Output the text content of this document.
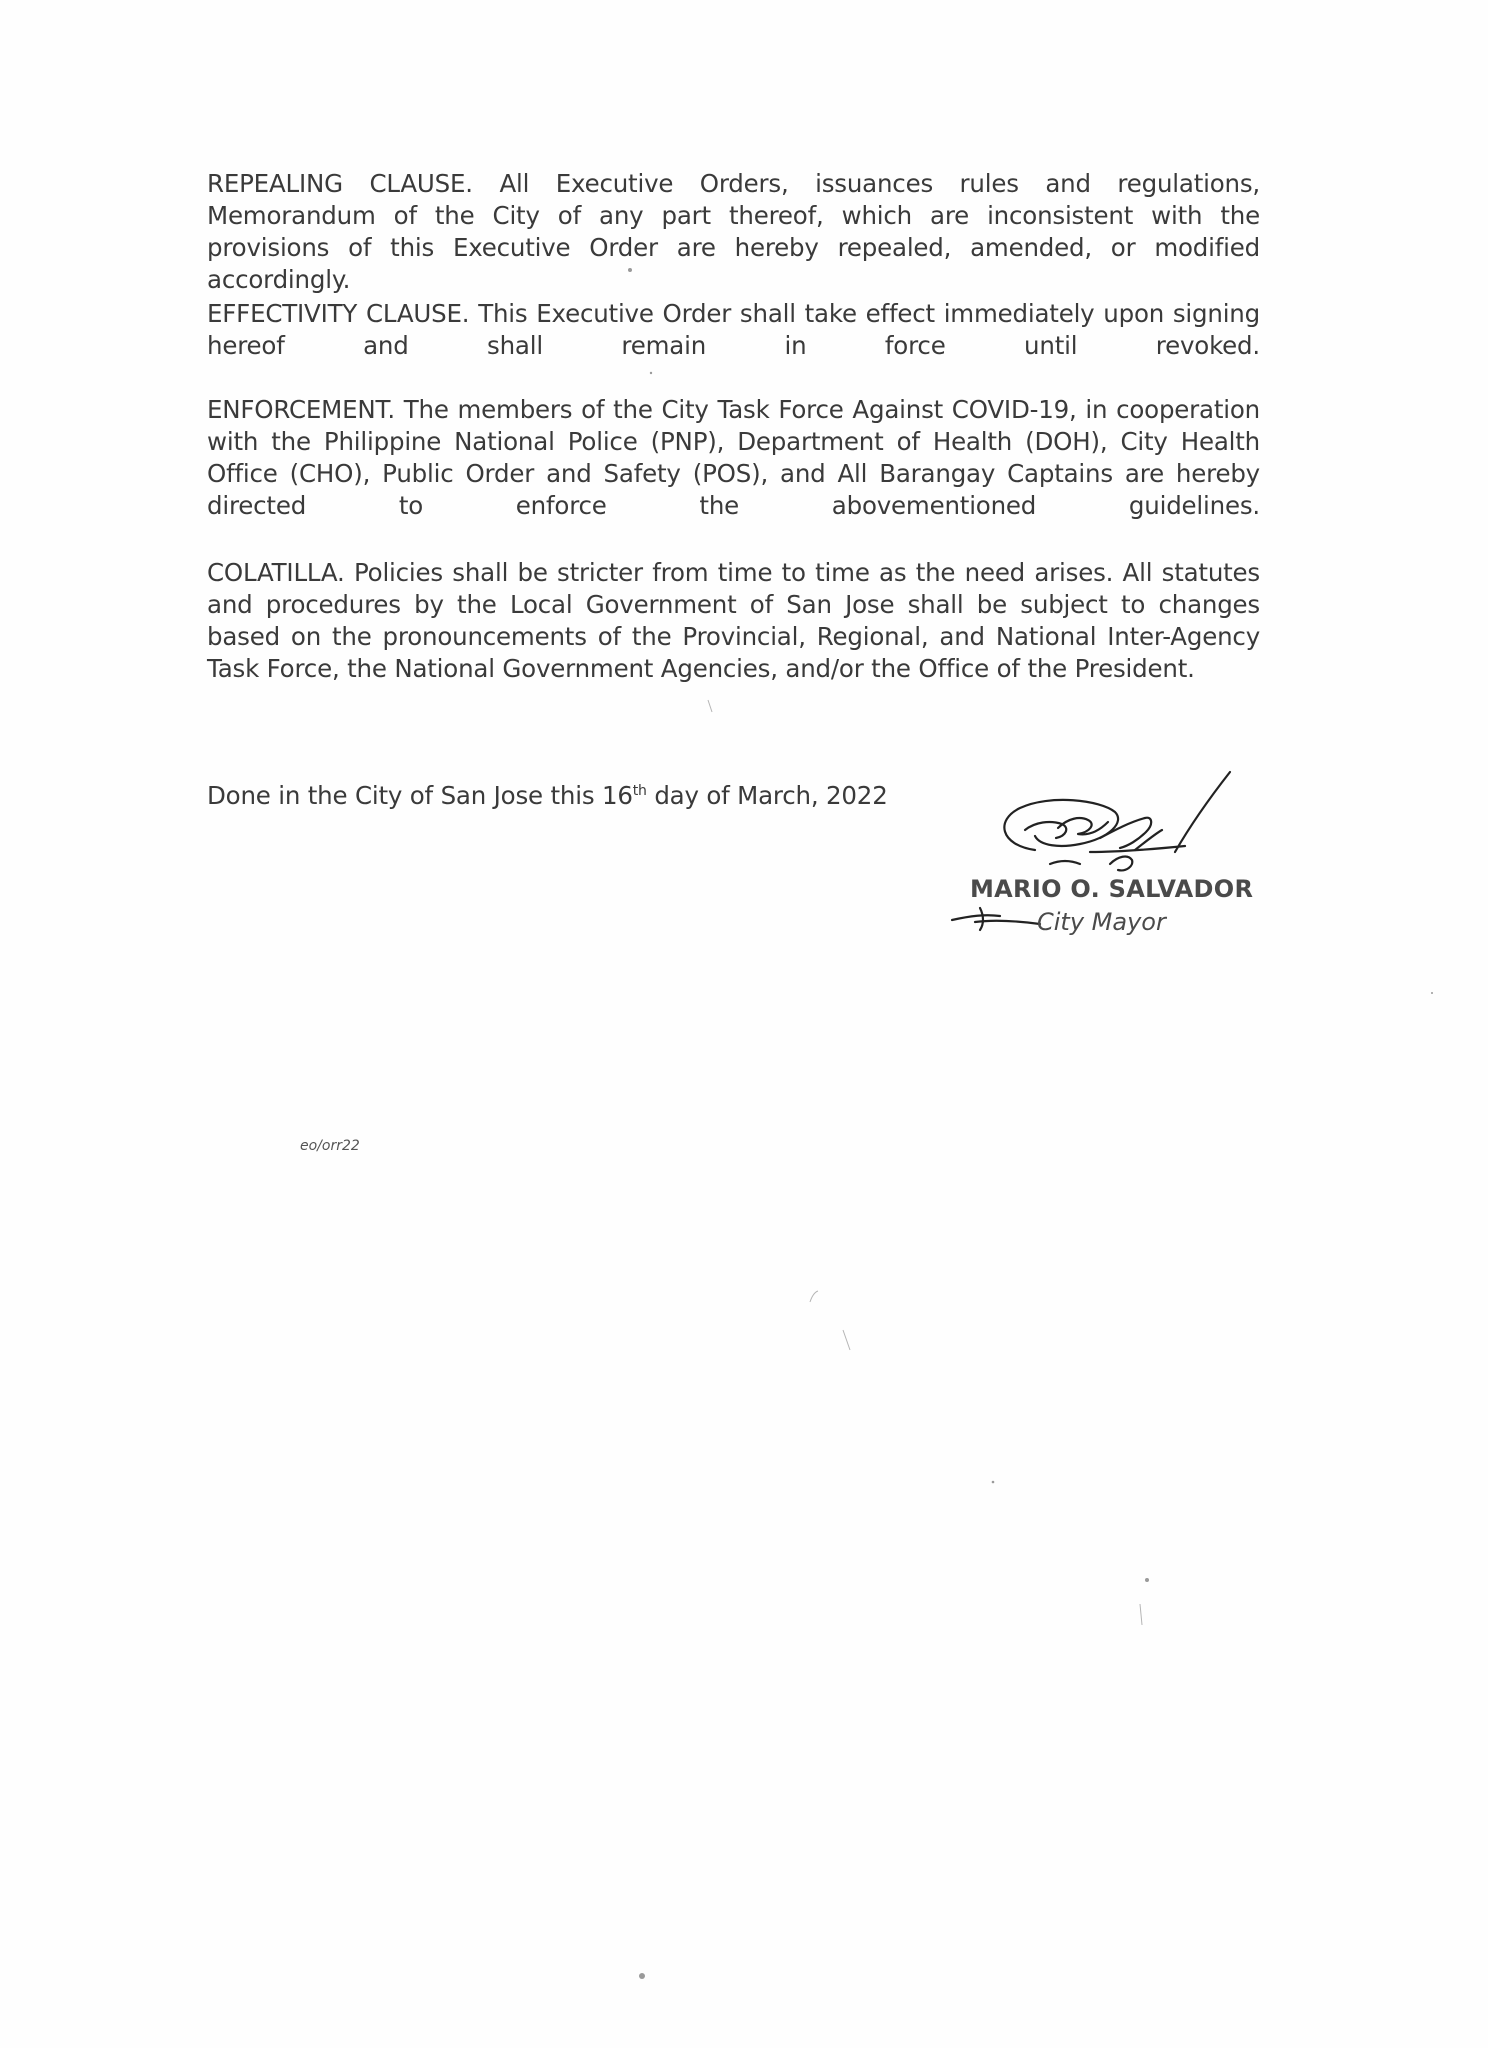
REPEALING CLAUSE. All Executive Orders, issuances rules and regulations, Memorandum of the City of any part thereof, which are inconsistent with the provisions of this Executive Order are hereby repealed, amended, or modified accordingly.
EFFECTIVITY CLAUSE. This Executive Order shall take effect immediately upon signing hereof and shall remain in force until revoked.
ENFORCEMENT. The members of the City Task Force Against COVID-19, in cooperation with the Philippine National Police (PNP), Department of Health (DOH), City Health Office (CHO), Public Order and Safety (POS), and All Barangay Captains are hereby directed to enforce the abovementioned guidelines.
COLATILLA. Policies shall be stricter from time to time as the need arises. All statutes and procedures by the Local Government of San Jose shall be subject to changes based on the pronouncements of the Provincial, Regional, and National Inter-Agency Task Force, the National Government Agencies, and/or the Office of the President.
Done in the City of San Jose this 16th day of March, 2022
MARIO O. SALVADOR
City Mayor
eo/orr22
